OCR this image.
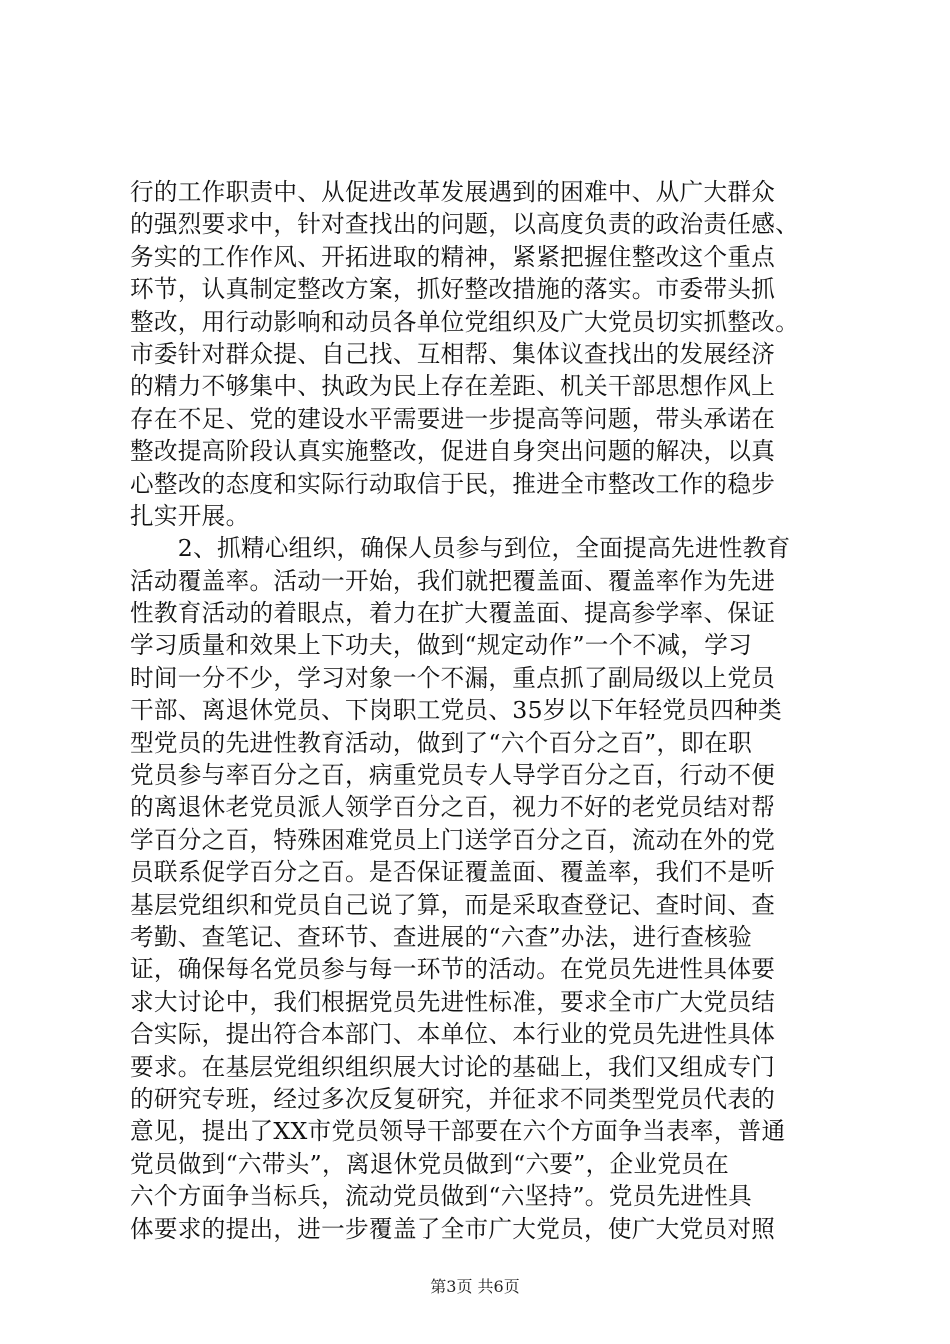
行的工作职责中、从促进改革发展遇到的困难中、从广大群众
的强烈要求中，针对查找出的问题，以高度负责的政治责任感、
务实的工作作风、开拓进取的精神，紧紧把握住整改这个重点
环节，认真制定整改方案，抓好整改措施的落实。市委带头抓
整改，用行动影响和动员各单位党组织及广大党员切实抓整改。
市委针对群众提、自己找、互相帮、集体议查找出的发展经济
的精力不够集中、执政为民上存在差距、机关干部思想作风上
存在不足、党的建设水平需要进一步提高等问题，带头承诺在
整改提高阶段认真实施整改，促进自身突出问题的解决，以真
心整改的态度和实际行动取信于民，推进全市整改工作的稳步
扎实开展。
　　2、抓精心组织，确保人员参与到位，全面提高先进性教育
活动覆盖率。活动一开始，我们就把覆盖面、覆盖率作为先进
性教育活动的着眼点，着力在扩大覆盖面、提高参学率、保证
学习质量和效果上下功夫，做到“规定动作”一个不减，学习
时间一分不少，学习对象一个不漏，重点抓了副局级以上党员
干部、离退休党员、下岗职工党员、35岁以下年轻党员四种类
型党员的先进性教育活动，做到了“六个百分之百”，即在职
党员参与率百分之百，病重党员专人导学百分之百，行动不便
的离退休老党员派人领学百分之百，视力不好的老党员结对帮
学百分之百，特殊困难党员上门送学百分之百，流动在外的党
员联系促学百分之百。是否保证覆盖面、覆盖率，我们不是听
基层党组织和党员自己说了算，而是采取查登记、查时间、查
考勤、查笔记、查环节、查进展的“六查”办法，进行查核验
证，确保每名党员参与每一环节的活动。在党员先进性具体要
求大讨论中，我们根据党员先进性标准，要求全市广大党员结
合实际，提出符合本部门、本单位、本行业的党员先进性具体
要求。在基层党组织组织展大讨论的基础上，我们又组成专门
的研究专班，经过多次反复研究，并征求不同类型党员代表的
意见，提出了XX市党员领导干部要在六个方面争当表率，普通
党员做到“六带头”，离退休党员做到“六要”，企业党员在
六个方面争当标兵，流动党员做到“六坚持”。党员先进性具
体要求的提出，进一步覆盖了全市广大党员，使广大党员对照
第3页 共6页
